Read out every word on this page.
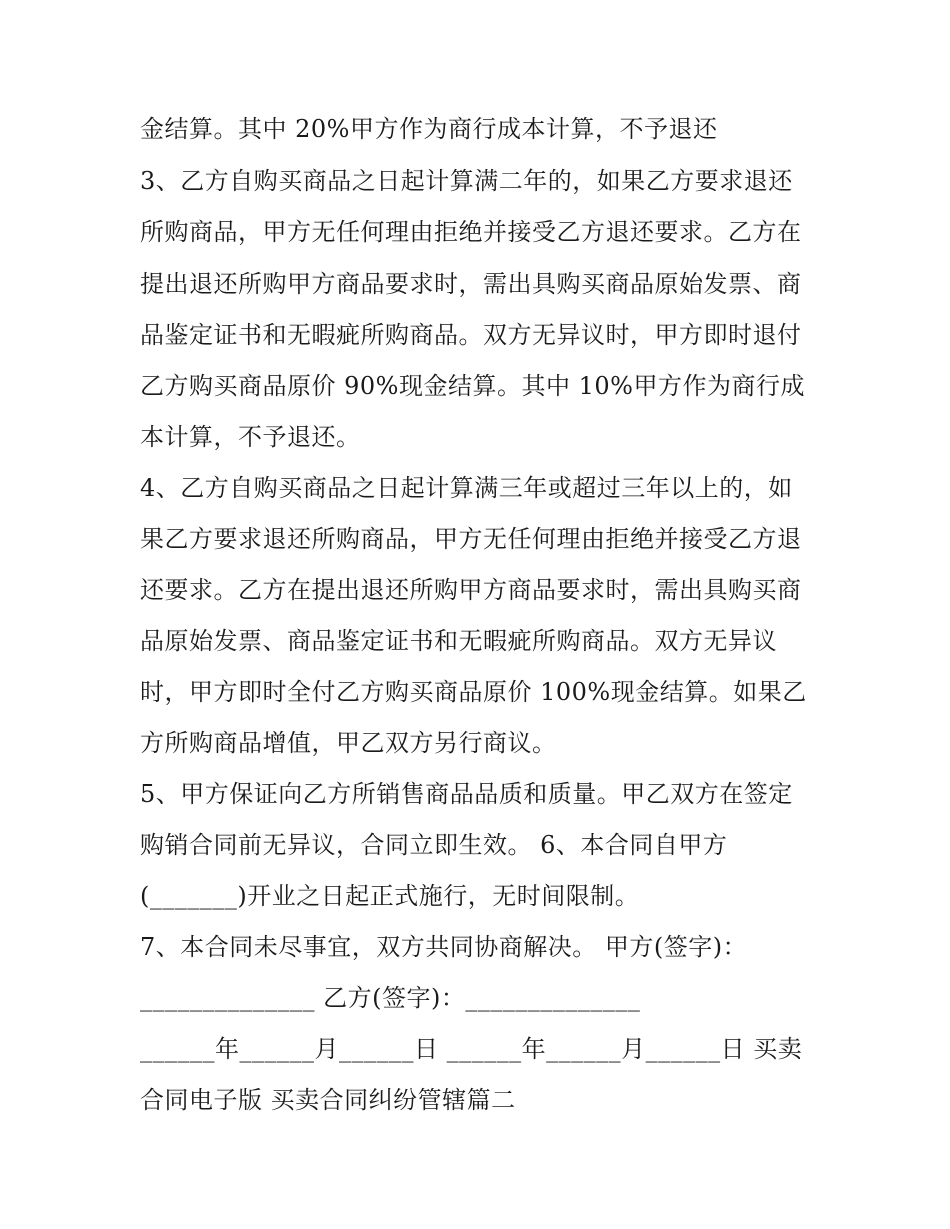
金结算。其中 20%甲方作为商行成本计算，不予退还
3、乙方自购买商品之日起计算满二年的，如果乙方要求退还
所购商品，甲方无任何理由拒绝并接受乙方退还要求。乙方在
提出退还所购甲方商品要求时，需出具购买商品原始发票、商
品鉴定证书和无暇疵所购商品。双方无异议时，甲方即时退付
乙方购买商品原价 90%现金结算。其中 10%甲方作为商行成
本计算，不予退还。
4、乙方自购买商品之日起计算满三年或超过三年以上的，如
果乙方要求退还所购商品，甲方无任何理由拒绝并接受乙方退
还要求。乙方在提出退还所购甲方商品要求时，需出具购买商
品原始发票、商品鉴定证书和无暇疵所购商品。双方无异议
时，甲方即时全付乙方购买商品原价 100%现金结算。如果乙
方所购商品增值，甲乙双方另行商议。
5、甲方保证向乙方所销售商品品质和质量。甲乙双方在签定
购销合同前无异议，合同立即生效。 6、本合同自甲方
(_______)开业之日起正式施行，无时间限制。
7、本合同未尽事宜，双方共同协商解决。 甲方(签字)：
______________ 乙方(签字)：______________
______年______月______日 ______年______月______日 买卖
合同电子版 买卖合同纠纷管辖篇二
